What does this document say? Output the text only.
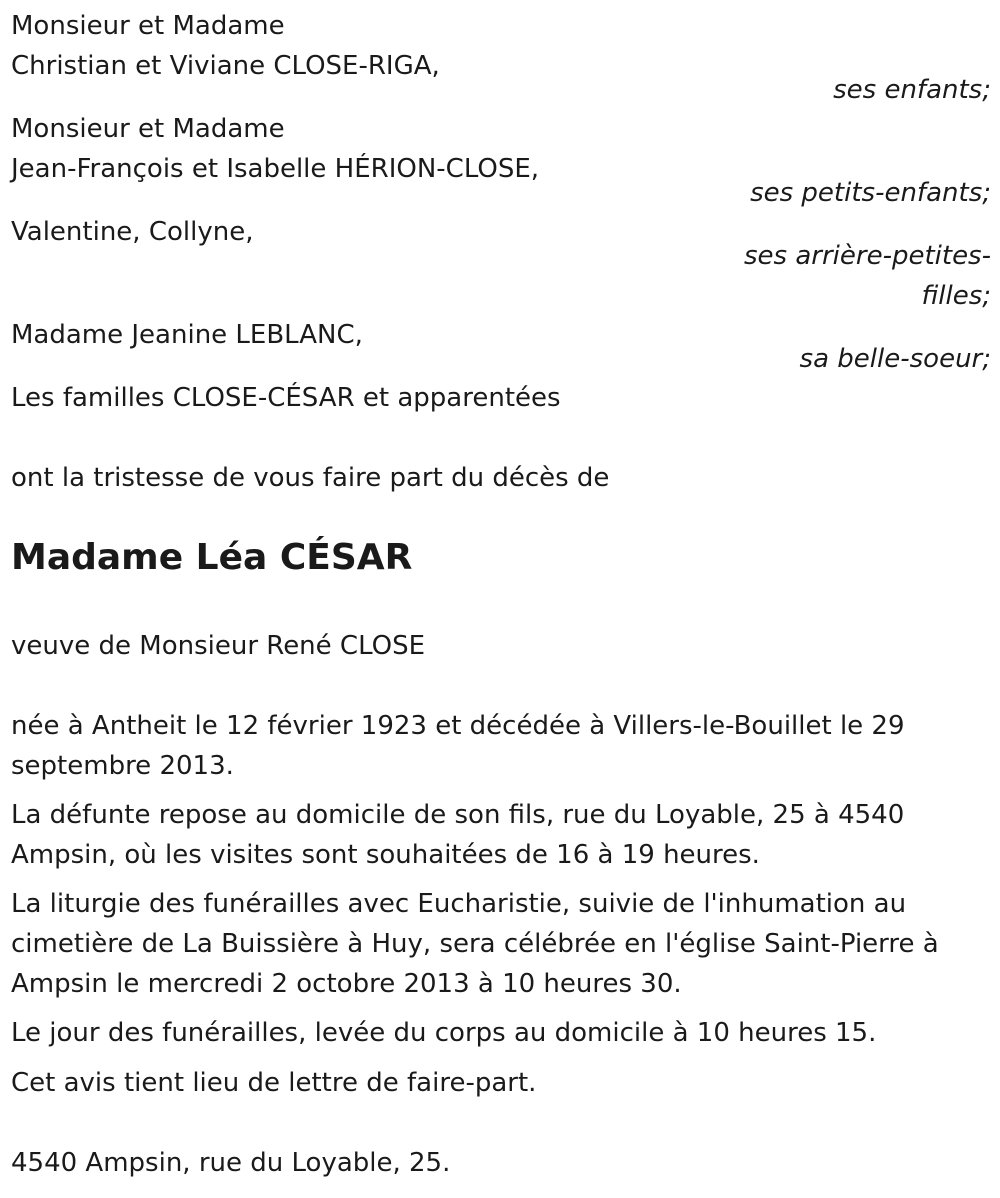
Monsieur et Madame
Christian et Viviane CLOSE-RIGA,
ses enfants;
Monsieur et Madame
Jean-François et Isabelle HÉRION-CLOSE,
ses petits-enfants;
Valentine, Collyne,
ses arrière-petites-
filles;
Madame Jeanine LEBLANC,
sa belle-soeur;
Les familles CLOSE-CÉSAR et apparentées
ont la tristesse de vous faire part du décès de
Madame Léa CÉSAR
veuve de Monsieur René CLOSE
née à Antheit le 12 février 1923 et décédée à Villers-le-Bouillet le 29 septembre 2013.
La défunte repose au domicile de son fils, rue du Loyable, 25 à 4540 Ampsin, où les visites sont souhaitées de 16 à 19 heures.
La liturgie des funérailles avec Eucharistie, suivie de l'inhumation au cimetière de La Buissière à Huy, sera célébrée en l'église Saint-Pierre à Ampsin le mercredi 2 octobre 2013 à 10 heures 30.
Le jour des funérailles, levée du corps au domicile à 10 heures 15.
Cet avis tient lieu de lettre de faire-part.
4540 Ampsin, rue du Loyable, 25.
